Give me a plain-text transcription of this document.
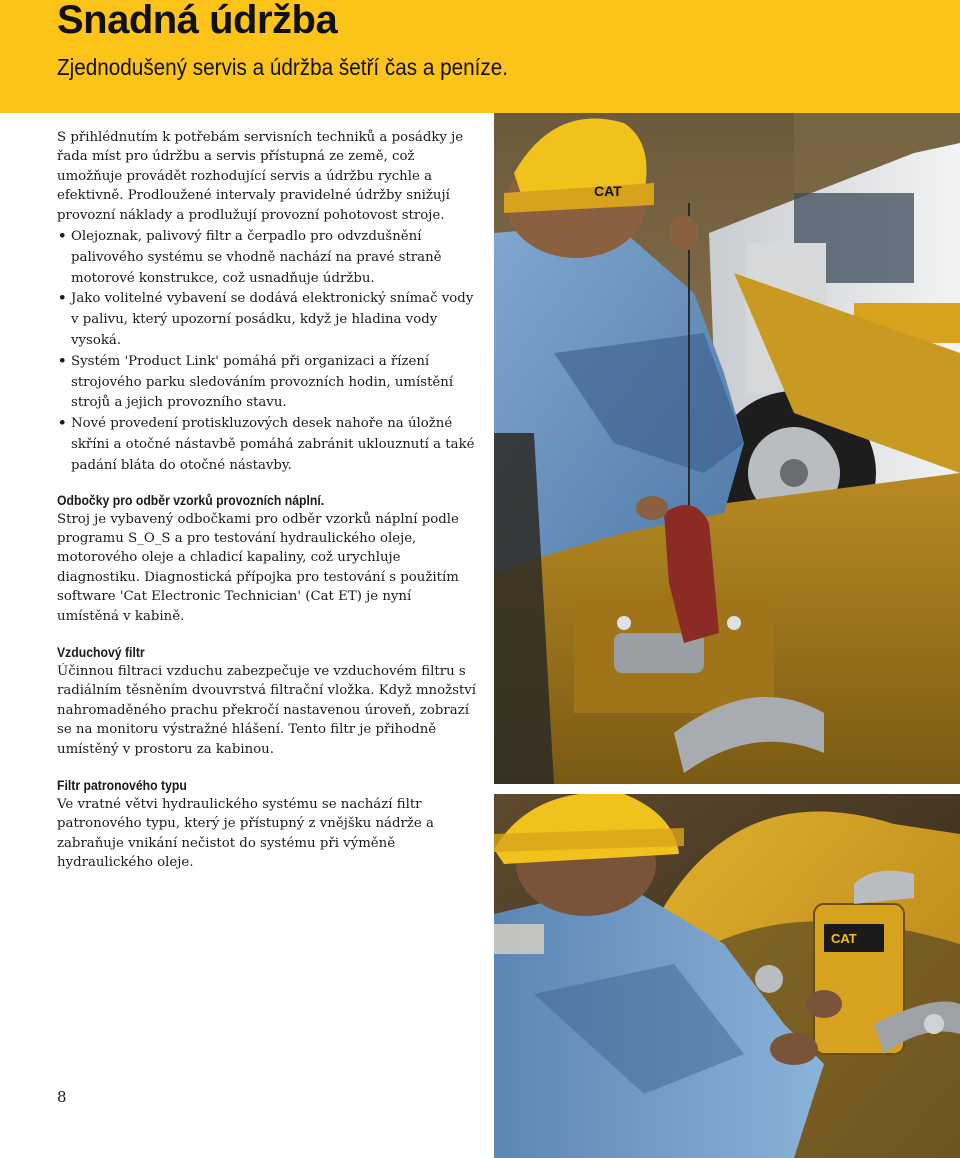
Snadná údržba
Zjednodušený servis a údržba šetří čas a peníze.

S přihlédnutím k potřebám servisních techniků a posádky je řada míst pro údržbu a servis přístupná ze země, což umožňuje provádět rozhodující servis a údržbu rychle a efektivně. Prodloužené intervaly pravidelné údržby snižují provozní náklady a prodlužují provozní pohotovost stroje.

• Olejoznak, palivový filtr a čerpadlo pro odvzdušnění palivového systému se vhodně nachází na pravé straně motorové konstrukce, což usnadňuje údržbu.
• Jako volitelné vybavení se dodává elektronický snímač vody v palivu, který upozorní posádku, když je hladina vody vysoká.
• Systém 'Product Link' pomáhá při organizaci a řízení strojového parku sledováním provozních hodin, umístění strojů a jejich provozního stavu.
• Nové provedení protiskluzových desek nahoře na úložné skříni a otočné nástavbě pomáhá zabránit uklouznutí a také padání bláta do otočné nástavby.
Odbočky pro odběr vzorků provozních náplní.

Stroj je vybavený odbočkami pro odběr vzorků náplní podle programu S_O_S a pro testování hydraulického oleje, motorového oleje a chladicí kapaliny, což urychluje diagnostiku. Diagnostická přípojka pro testování s použitím software 'Cat Electronic Technician' (Cat ET) je nyní umístěná v kabině.

Vzduchový filtr

Účinnou filtraci vzduchu zabezpečuje ve vzduchovém filtru s radiálním těsněním dvouvrstvá filtrační vložka. Když množství nahromaděného prachu překročí nastavenou úroveň, zobrazí se na monitoru výstražné hlášení. Tento filtr je přihodně umístěný v prostoru za kabinou.

Filtr patronového typu

Ve vratné větvi hydraulického systému se nachází filtr patronového typu, který je přístupný z vnějšku nádrže a zabraňuje vnikání nečistot do systému při výměně hydraulického oleje.

8
CAT
CAT
